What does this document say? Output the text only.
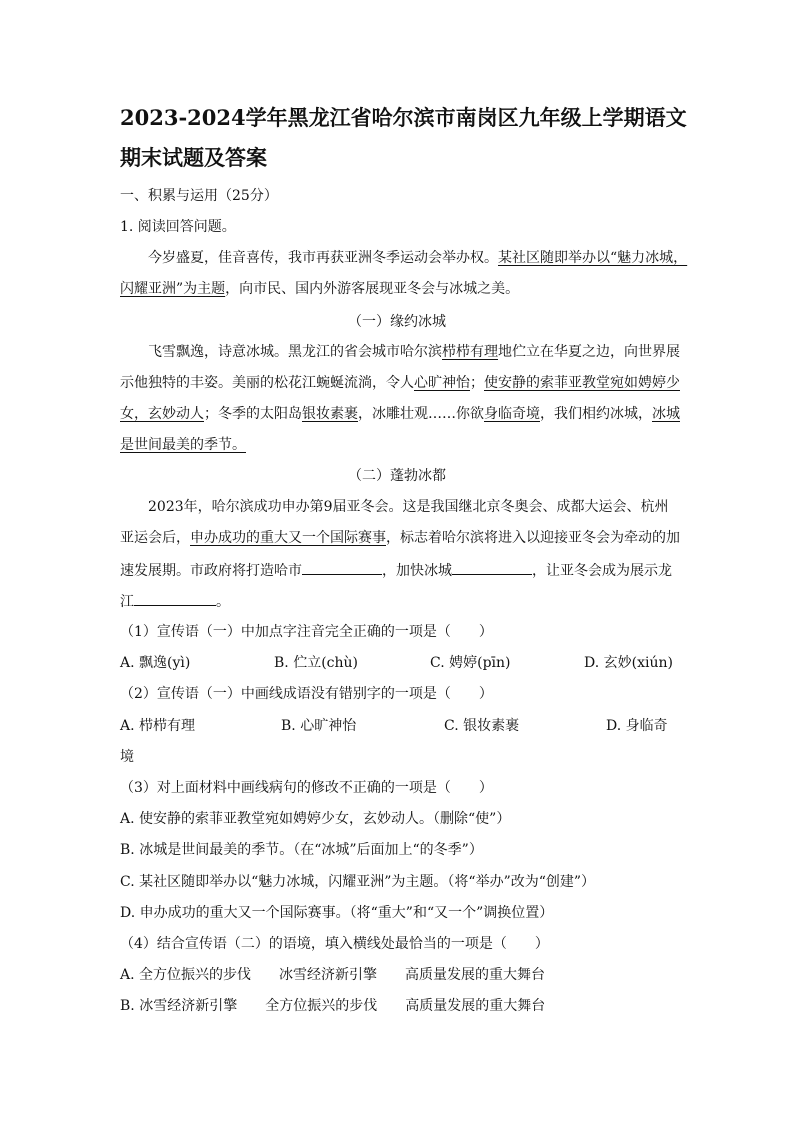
2023-2024学年黑龙江省哈尔滨市南岗区九年级上学期语文
期末试题及答案
一、积累与运用（25分）
1. 阅读回答问题。
今岁盛夏，佳音喜传，我市再获亚洲冬季运动会举办权。某社区随即举办以“魅力冰城，
闪耀亚洲”为主题，向市民、国内外游客展现亚冬会与冰城之美。
（一）缘约冰城
飞雪飘逸，诗意冰城。黑龙江的省会城市哈尔滨栉栉有理地伫立在华夏之边，向世界展
示他独特的丰姿。美丽的松花江蜿蜒流淌，令人心旷神怡；使安静的索菲亚教堂宛如娉婷少
女，玄妙动人；冬季的太阳岛银妆素裹，冰雕壮观……你欲身临奇境，我们相约冰城，冰城
是世间最美的季节。
（二）蓬勃冰都
2023年，哈尔滨成功申办第9届亚冬会。这是我国继北京冬奥会、成都大运会、杭州
亚运会后，申办成功的重大又一个国际赛事，标志着哈尔滨将进入以迎接亚冬会为牵动的加
速发展期。市政府将打造哈市	，加快冰城	，让亚冬会成为展示龙
江	。
（1）宣传语（一）中加点字注音完全正确的一项是（　　）
A. 飘逸(yì)	B. 伫立(chù)	C. 娉婷(pīn)	D. 玄妙(xiún)
（2）宣传语（一）中画线成语没有错别字的一项是（　　）
A. 栉栉有理	B. 心旷神怡	C. 银妆素裹	D. 身临奇
境
（3）对上面材料中画线病句的修改不正确的一项是（　　）
A. 使安静的索菲亚教堂宛如娉婷少女，玄妙动人。（删除“使”）
B. 冰城是世间最美的季节。（在“冰城”后面加上“的冬季”）
C. 某社区随即举办以“魅力冰城，闪耀亚洲”为主题。（将“举办”改为“创建”）
D. 申办成功的重大又一个国际赛事。（将“重大”和“又一个”调换位置）
（4）结合宣传语（二）的语境，填入横线处最恰当的一项是（　　）
A. 全方位振兴的步伐 冰雪经济新引擎 高质量发展的重大舞台
B. 冰雪经济新引擎 全方位振兴的步伐 高质量发展的重大舞台
